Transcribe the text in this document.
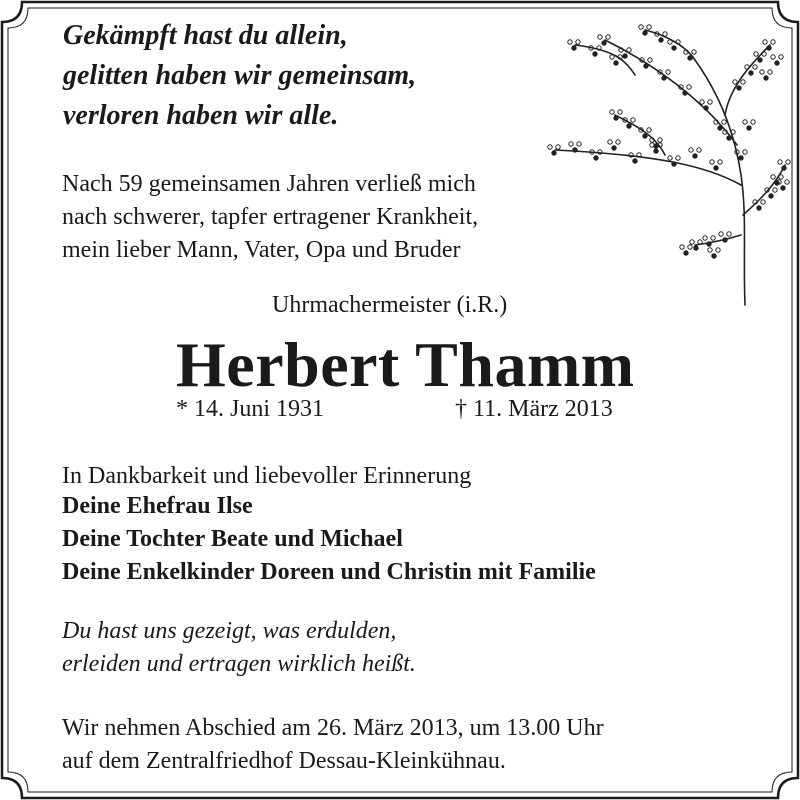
Gekämpft hast du allein,
gelitten haben wir gemeinsam,
verloren haben wir alle.
Nach 59 gemeinsamen Jahren verließ mich
nach schwerer, tapfer ertragener Krankheit,
mein lieber Mann, Vater, Opa und Bruder
Uhrmachermeister (i.R.)
Herbert Thamm
* 14. Juni 1931	† 11. März 2013
In Dankbarkeit und liebevoller Erinnerung
Deine Ehefrau Ilse
Deine Tochter Beate und Michael
Deine Enkelkinder Doreen und Christin mit Familie
Du hast uns gezeigt, was erdulden,
erleiden und ertragen wirklich heißt.
Wir nehmen Abschied am 26. März 2013, um 13.00 Uhr
auf dem Zentralfriedhof Dessau-Kleinkühnau.
